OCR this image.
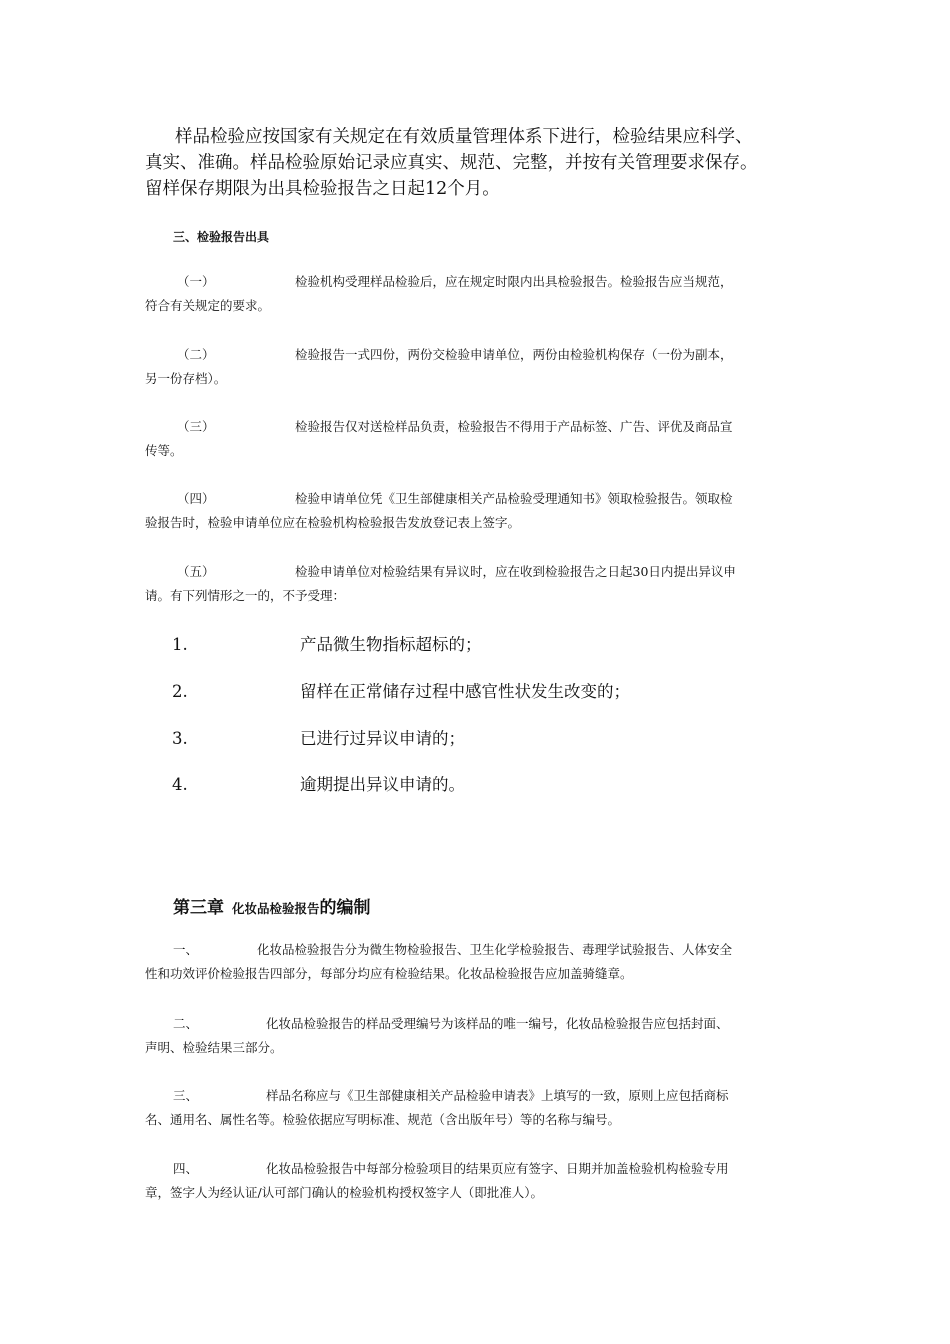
样品检验应按国家有关规定在有效质量管理体系下进行，检验结果应科学、

真实、准确。样品检验原始记录应真实、规范、完整，并按有关管理要求保存。

留样保存期限为出具检验报告之日起12个月。

三、检验报告出具
（一）	检验机构受理样品检验后，应在规定时限内出具检验报告。检验报告应当规范，
符合有关规定的要求。
（二）	检验报告一式四份，两份交检验申请单位，两份由检验机构保存（一份为副本，
另一份存档）。
（三）	检验报告仅对送检样品负责，检验报告不得用于产品标签、广告、评优及商品宣
传等。
（四）	检验申请单位凭《卫生部健康相关产品检验受理通知书》领取检验报告。领取检
验报告时，检验申请单位应在检验机构检验报告发放登记表上签字。
（五）	检验申请单位对检验结果有异议时，应在收到检验报告之日起30日内提出异议申
请。有下列情形之一的，不予受理：
1.	产品微生物指标超标的；
2.	留样在正常储存过程中感官性状发生改变的；
3.	已进行过异议申请的；
4.	逾期提出异议申请的。
第三章 化妆品检验报告的编制
一、	化妆品检验报告分为微生物检验报告、卫生化学检验报告、毒理学试验报告、人体安全
性和功效评价检验报告四部分，每部分均应有检验结果。化妆品检验报告应加盖骑缝章。
二、	化妆品检验报告的样品受理编号为该样品的唯一编号，化妆品检验报告应包括封面、
声明、检验结果三部分。
三、	样品名称应与《卫生部健康相关产品检验申请表》上填写的一致，原则上应包括商标
名、通用名、属性名等。检验依据应写明标准、规范（含出版年号）等的名称与编号。
四、	化妆品检验报告中每部分检验项目的结果页应有签字、日期并加盖检验机构检验专用
章，签字人为经认证/认可部门确认的检验机构授权签字人（即批准人）。
